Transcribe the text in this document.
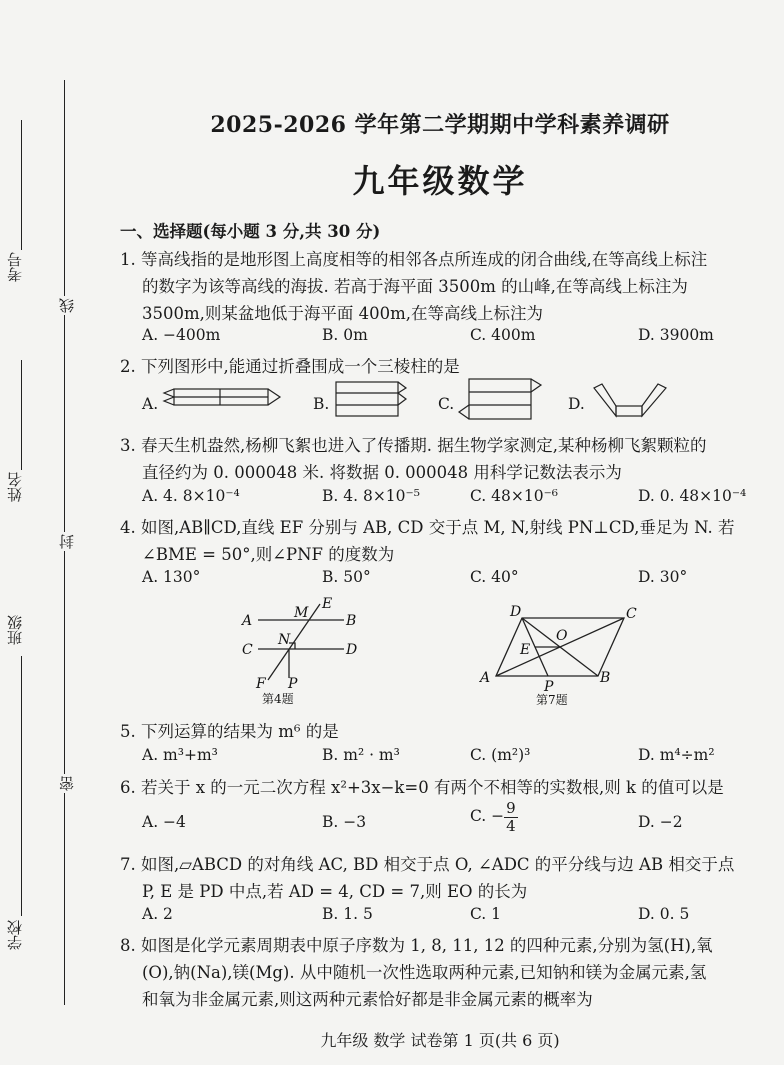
线
封
密
考号
姓名
班级
学校
2025-2026 学年第二学期期中学科素养调研
九年级数学
一、选择题(每小题 3 分,共 30 分)
1. 等高线指的是地形图上高度相等的相邻各点所连成的闭合曲线,在等高线上标注
的数字为该等高线的海拔. 若高于海平面 3500m 的山峰,在等高线上标注为
3500m,则某盆地低于海平面 400m,在等高线上标注为
A. −400m	B. 0m	C. 400m	D. 3900m
2. 下列图形中,能通过折叠围成一个三棱柱的是
A.	B.	C.	D.
3. 春天生机盎然,杨柳飞絮也进入了传播期. 据生物学家测定,某种杨柳飞絮颗粒的
直径约为 0. 000048 米. 将数据 0. 000048 用科学记数法表示为
A. 4. 8×10⁻⁴	B. 4. 8×10⁻⁵	C. 48×10⁻⁶	D. 0. 48×10⁻⁴
4. 如图,AB∥CD,直线 EF 分别与 AB, CD 交于点 M, N,射线 PN⊥CD,垂足为 N. 若
∠BME = 50°,则∠PNF 的度数为
A. 130°	B. 50°	C. 40°	D. 30°
A	B
C	D
M
E
N
F P
第4题
A	B
C
D
O
E
P
第7题
5. 下列运算的结果为 m⁶ 的是
A. m³+m³	B. m² · m³	C. (m²)³	D. m⁴÷m²
6. 若关于 x 的一元二次方程 x²+3x−k=0 有两个不相等的实数根,则 k 的值可以是
A. −4	B. −3	C. − $\frac{9}{4}$	D. −2
7. 如图,▱ABCD 的对角线 AC, BD 相交于点 O, ∠ADC 的平分线与边 AB 相交于点
P, E 是 PD 中点,若 AD = 4, CD = 7,则 EO 的长为
A. 2	B. 1. 5	C. 1	D. 0. 5
8. 如图是化学元素周期表中原子序数为 1, 8, 11, 12 的四种元素,分别为氢(H),氧
(O),钠(Na),镁(Mg). 从中随机一次性选取两种元素,已知钠和镁为金属元素,氢
和氧为非金属元素,则这两种元素恰好都是非金属元素的概率为
九年级 数学 试卷第 1 页(共 6 页)
